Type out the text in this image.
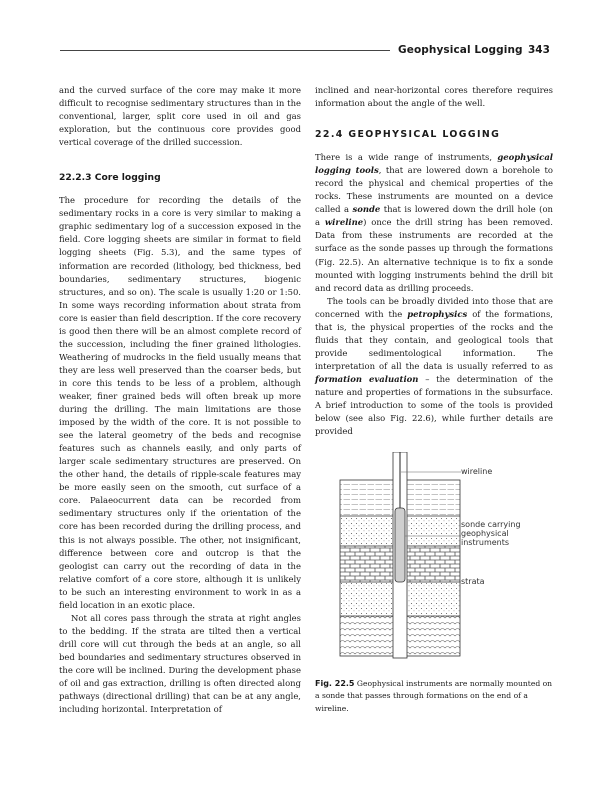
Geophysical Logging 343

and the curved surface of the core may make it more difficult to recognise sedimentary structures than in the conventional, larger, split core used in oil and gas exploration, but the continuous core provides good vertical coverage of the drilled succession.

22.2.3 Core logging

The procedure for recording the details of the sedimentary rocks in a core is very similar to making a graphic sedimentary log of a succession exposed in the field. Core logging sheets are similar in format to field logging sheets (Fig. 5.3), and the same types of information are recorded (lithology, bed thickness, bed boundaries, sedimentary structures, biogenic structures, and so on). The scale is usually 1:20 or 1:50. In some ways recording information about strata from core is easier than field description. If the core recovery is good then there will be an almost complete record of the succession, including the finer grained lithologies. Weathering of mudrocks in the field usually means that they are less well preserved than the coarser beds, but in core this tends to be less of a problem, although weaker, finer grained beds will often break up more during the drilling. The main limitations are those imposed by the width of the core. It is not possible to see the lateral geometry of the beds and recognise features such as channels easily, and only parts of larger scale sedimentary structures are preserved. On the other hand, the details of ripple-scale features may be more easily seen on the smooth, cut surface of a core. Palaeocurrent data can be recorded from sedimentary structures only if the orientation of the core has been recorded during the drilling process, and this is not always possible. The other, not insignificant, difference between core and outcrop is that the geologist can carry out the recording of data in the relative comfort of a core store, although it is unlikely to be such an interesting environment to work in as a field location in an exotic place.

Not all cores pass through the strata at right angles to the bedding. If the strata are tilted then a vertical drill core will cut through the beds at an angle, so all bed boundaries and sedimentary structures observed in the core will be inclined. During the development phase of oil and gas extraction, drilling is often directed along pathways (directional drilling) that can be at any angle, including horizontal. Interpretation of

inclined and near-horizontal cores therefore requires information about the angle of the well.

22.4 GEOPHYSICAL LOGGING

There is a wide range of instruments, geophysical logging tools, that are lowered down a borehole to record the physical and chemical properties of the rocks. These instruments are mounted on a device called a sonde that is lowered down the drill hole (on a wireline) once the drill string has been removed. Data from these instruments are recorded at the surface as the sonde passes up through the formations (Fig. 22.5). An alternative technique is to fix a sonde mounted with logging instruments behind the drill bit and record data as drilling proceeds.

The tools can be broadly divided into those that are concerned with the petrophysics of the formations, that is, the physical properties of the rocks and the fluids that they contain, and geological tools that provide sedimentological information. The interpretation of all the data is usually referred to as formation evaluation – the determination of the nature and properties of formations in the subsurface. A brief introduction to some of the tools is provided below (see also Fig. 22.6), while further details are provided

wireline
sonde carrying geophysical instruments
strata
Fig. 22.5 Geophysical instruments are normally mounted on a sonde that passes through formations on the end of a wireline.
